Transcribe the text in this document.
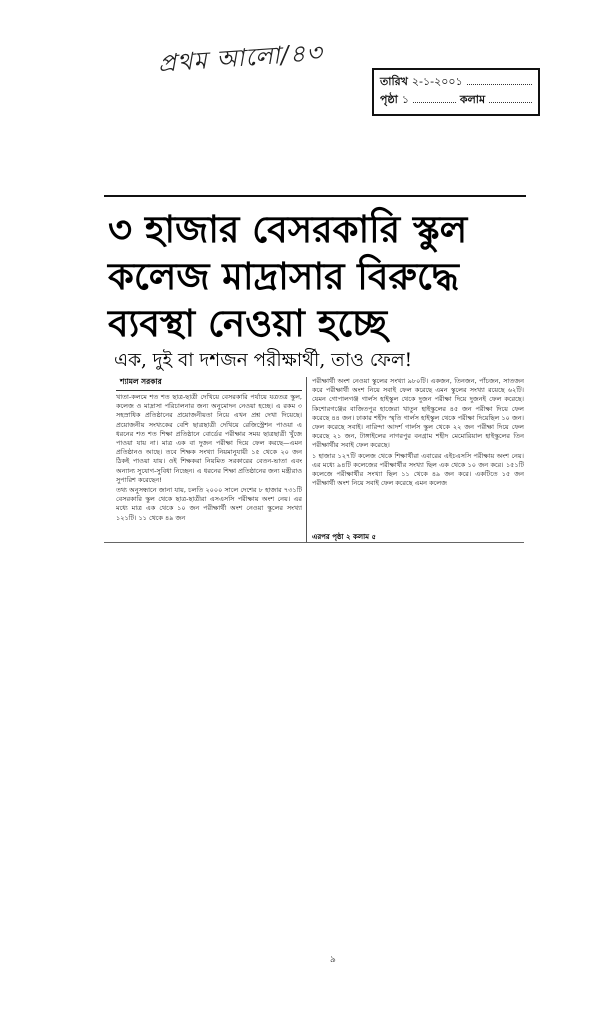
প্রথম আলো/৪৩
তারিখ ২-১-২০০১
পৃষ্ঠা ১	কলাম
৩ হাজার বেসরকারি স্কুল
কলেজ মাদ্রাসার বিরুদ্ধে
ব্যবস্থা নেওয়া হচ্ছে
এক, দুই বা দশজন পরীক্ষার্থী, তাও ফেল!
শ্যামল সরকার

খাতা-কলমে শত শত ছাত্র-ছাত্রী দেখিয়ে বেসরকারি পর্যায়ে যত্রতত্র স্কুল, কলেজ ও মাদ্রাসা পরিচালনার জন্য অনুমোদন নেওয়া হচ্ছে। এ রকম ৩ সহস্রাধিক প্রতিষ্ঠানের প্রয়োজনীয়তা নিয়ে এখন প্রশ্ন দেখা দিয়েছে। প্রয়োজনীয় সংখ্যকের বেশি ছাত্রছাত্রী দেখিয়ে রেজিস্ট্রেশন পাওয়া এ ধরনের শত শত শিক্ষা প্রতিষ্ঠানে বোর্ডের পরীক্ষার সময় ছাত্রছাত্রী খুঁজে পাওয়া যায় না। মাত্র এক বা দুজন পরীক্ষা দিয়ে ফেল করছে—এমন প্রতিষ্ঠানও আছে। তবে শিক্ষক সংখ্যা নিয়মানুযায়ী ১৫ থেকে ২০ জন ঠিকই পাওয়া যায়। ওই শিক্ষকরা নিয়মিত সরকারের বেতন-ভাতা এবং অন্যান্য সুযোগ-সুবিধা নিচ্ছেন। এ ধরনের শিক্ষা প্রতিষ্ঠানের জন্য মন্ত্রীরাও সুপারিশ করেছেন!

তথ্য অনুসন্ধানে জানা যায়, চলতি ২০০০ সালে দেশের ৮ হাজার ৭৩১টি বেসরকারি স্কুল থেকে ছাত্র-ছাত্রীরা এসএসসি পরীক্ষায় অংশ নেয়। এর মধ্যে মাত্র এক থেকে ১০ জন পরীক্ষার্থী অংশ নেওয়া স্কুলের সংখ্যা ১২১টি। ১১ থেকে ৪৯ জন

পরীক্ষার্থী অংশ নেওয়া স্কুলের সংখ্যা ৯৮০টি। একজন, তিনজন, পাঁচজন, সাতজন করে পরীক্ষার্থী অংশ নিয়ে সবাই ফেল করেছে এমন স্কুলের সংখ্যা রয়েছে ৬২টি। যেমন গোপালগঞ্জ গার্লস হাইস্কুল থেকে দুজন পরীক্ষা দিয়ে দুজনই ফেল করেছে। কিশোরগঞ্জের বাজিতপুর হাজেরা খাতুন হাইস্কুলের ৪৫ জন পরীক্ষা দিয়ে ফেল করেছে ৪৪ জন। ঢাকার শহীদ স্মৃতি গার্লস হাইস্কুল থেকে পরীক্ষা দিয়েছিল ১০ জন। ফেল করেছে সবাই। নারিন্দা আদর্শ গার্লস স্কুল থেকে ২২ জন পরীক্ষা দিয়ে ফেল করেছে ২১ জন, টাঙ্গাইলের নাগরপুর বনগ্রাম শহীদ মেমোরিয়াল হাইস্কুলের তিন পরীক্ষার্থীর সবাই ফেল করেছে।

১ হাজার ১২৭টি কলেজ থেকে শিক্ষার্থীরা এবারের এইচএসসি পরীক্ষায় অংশ নেয়। এর মধ্যে ৯৪টি কলেজের পরীক্ষার্থীর সংখ্যা ছিল এক থেকে ১০ জন করে। ১৫১টি কলেজে পরীক্ষার্থীর সংখ্যা ছিল ১১ থেকে ৪৯ জন করে। একটিতে ১৫ জন পরীক্ষার্থী অংশ নিয়ে সবাই ফেল করেছে এমন কলেজ

এরপর পৃষ্ঠা ২ কলাম ৫
৯
